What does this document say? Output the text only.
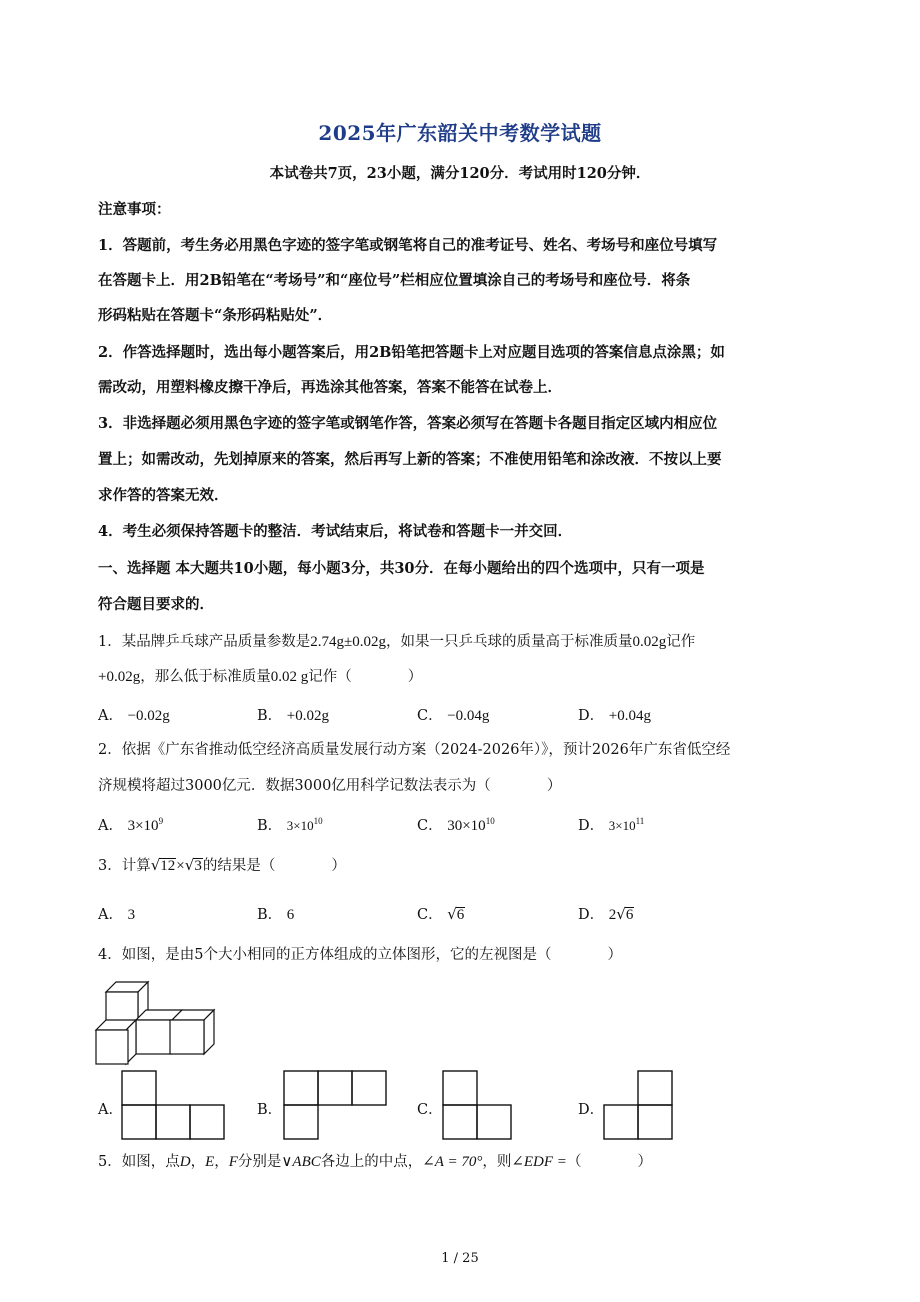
2025年广东韶关中考数学试题
本试卷共7页，23小题，满分120分．考试用时120分钟．
注意事项：
1．答题前，考生务必用黑色字迹的签字笔或钢笔将自己的准考证号、姓名、考场号和座位号填写
在答题卡上．用2B铅笔在“考场号”和“座位号”栏相应位置填涂自己的考场号和座位号．将条
形码粘贴在答题卡“条形码粘贴处”．
2．作答选择题时，选出每小题答案后，用2B铅笔把答题卡上对应题目选项的答案信息点涂黑；如
需改动，用塑料橡皮擦干净后，再选涂其他答案，答案不能答在试卷上．
3．非选择题必须用黑色字迹的签字笔或钢笔作答，答案必须写在答题卡各题目指定区域内相应位
置上；如需改动，先划掉原来的答案，然后再写上新的答案；不准使用铅笔和涂改液．不按以上要
求作答的答案无效．
4．考生必须保持答题卡的整洁．考试结束后，将试卷和答题卡一并交回．
一、选择题 本大题共10小题，每小题3分，共30分．在每小题给出的四个选项中，只有一项是
符合题目要求的．
1．某品牌乒乓球产品质量参数是2.74g±0.02g，如果一只乒乓球的质量高于标准质量0.02g记作
+0.02g，那么低于标准质量0.02 g记作（	）
A． −0.02g	B． +0.02g	C． −0.04g	D． +0.04g
2．依据《广东省推动低空经济高质量发展行动方案（2024-2026年）》，预计2026年广东省低空经
济规模将超过3000亿元．数据3000亿用科学记数法表示为（	）
A． $3\times 10^9$	B． $3\times 10^{10}$	C． $30\times 10^{10}$	D． $3\times 10^{11}$
3．计算√12×√3的结果是（	）
A． 3	B． 6	C． √6	D． 2√6
4．如图，是由5个大小相同的正方体组成的立体图形，它的左视图是（	）
A．	B．	C．	D．
5．如图，点D，E，F分别是∨ABC各边上的中点，∠A = 70°，则∠EDF =（	）
1 / 25
